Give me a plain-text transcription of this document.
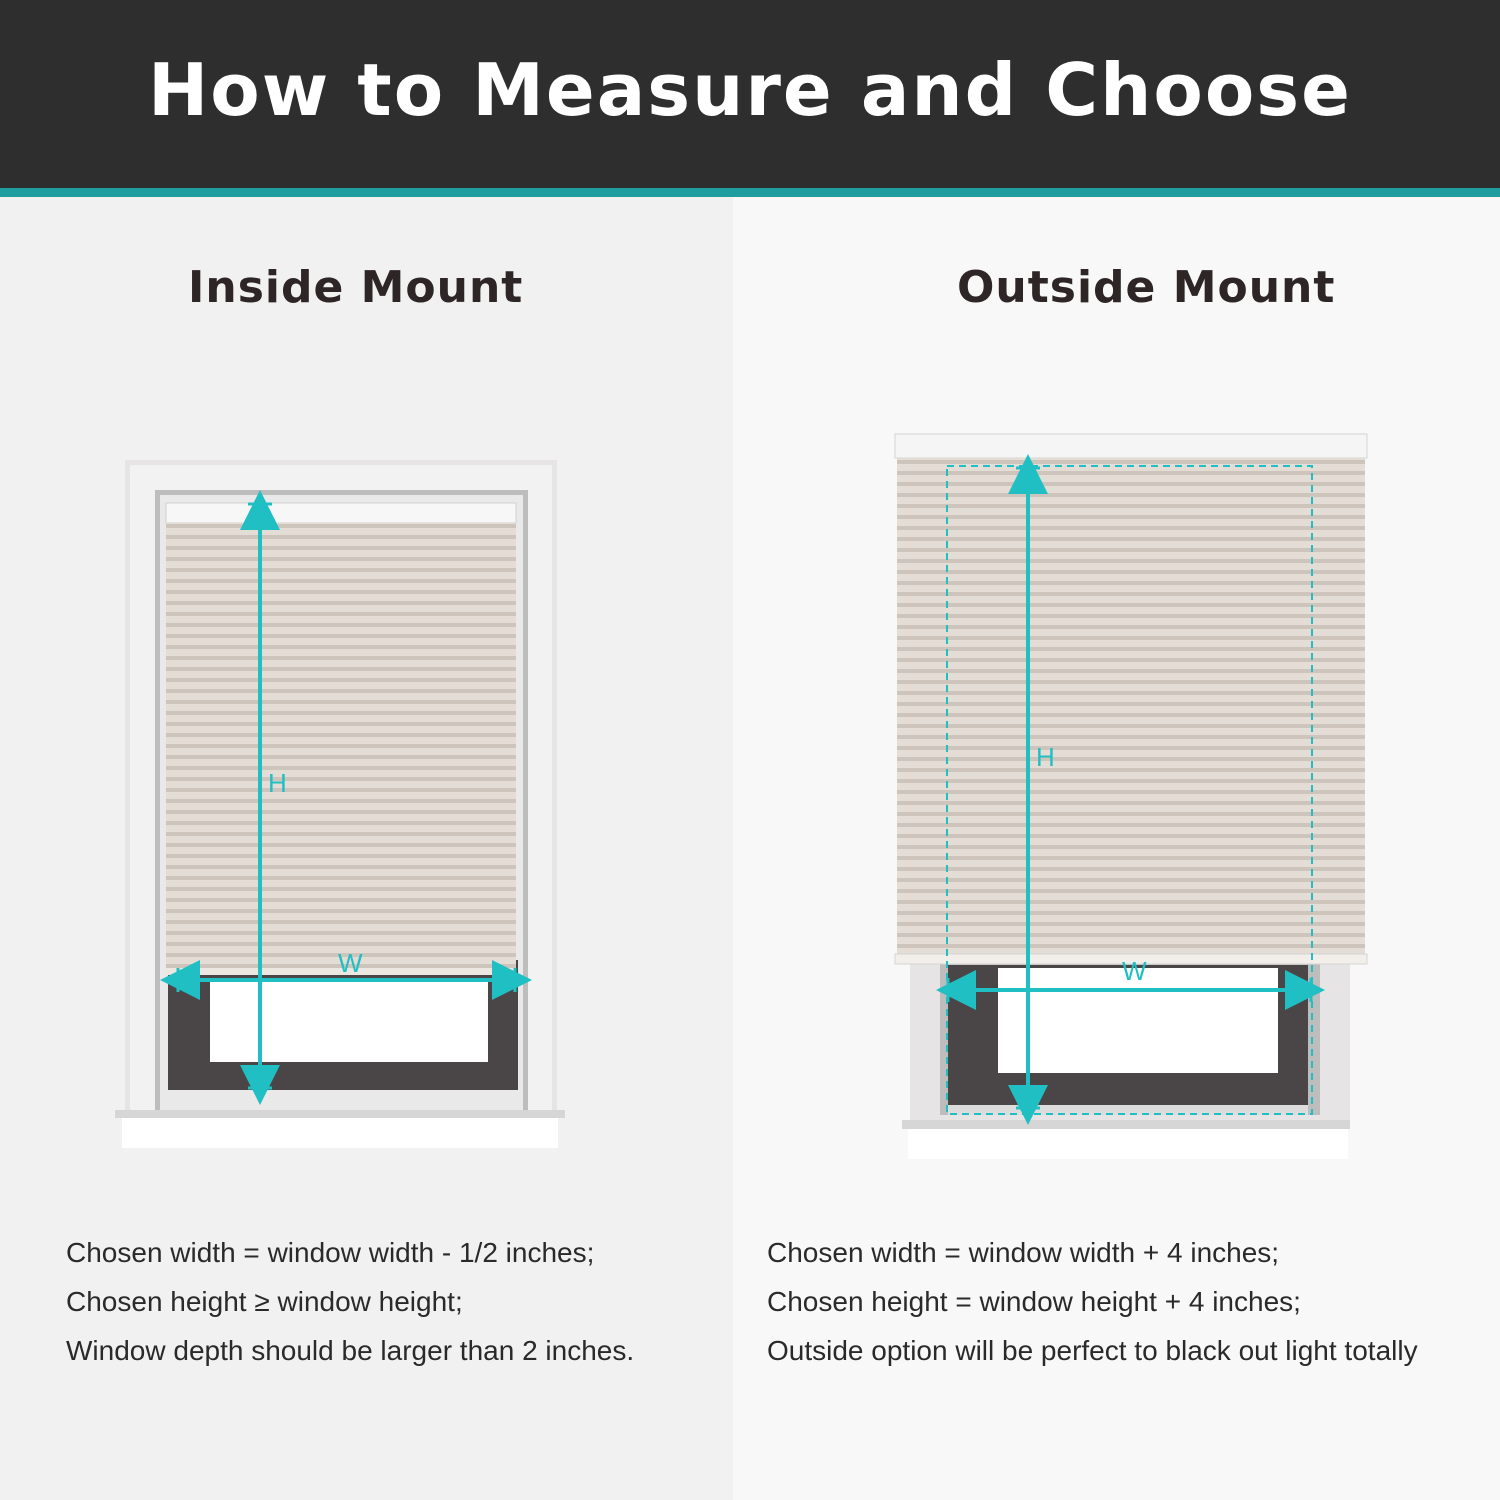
How to Measure and Choose
Inside Mount	Outside Mount
H
W
H
W
Chosen width = window width - 1/2 inches;
Chosen height ≥ window height;
Window depth should be larger than 2 inches.
Chosen width = window width + 4 inches;
Chosen height = window height + 4 inches;
Outside option will be perfect to black out light totally
